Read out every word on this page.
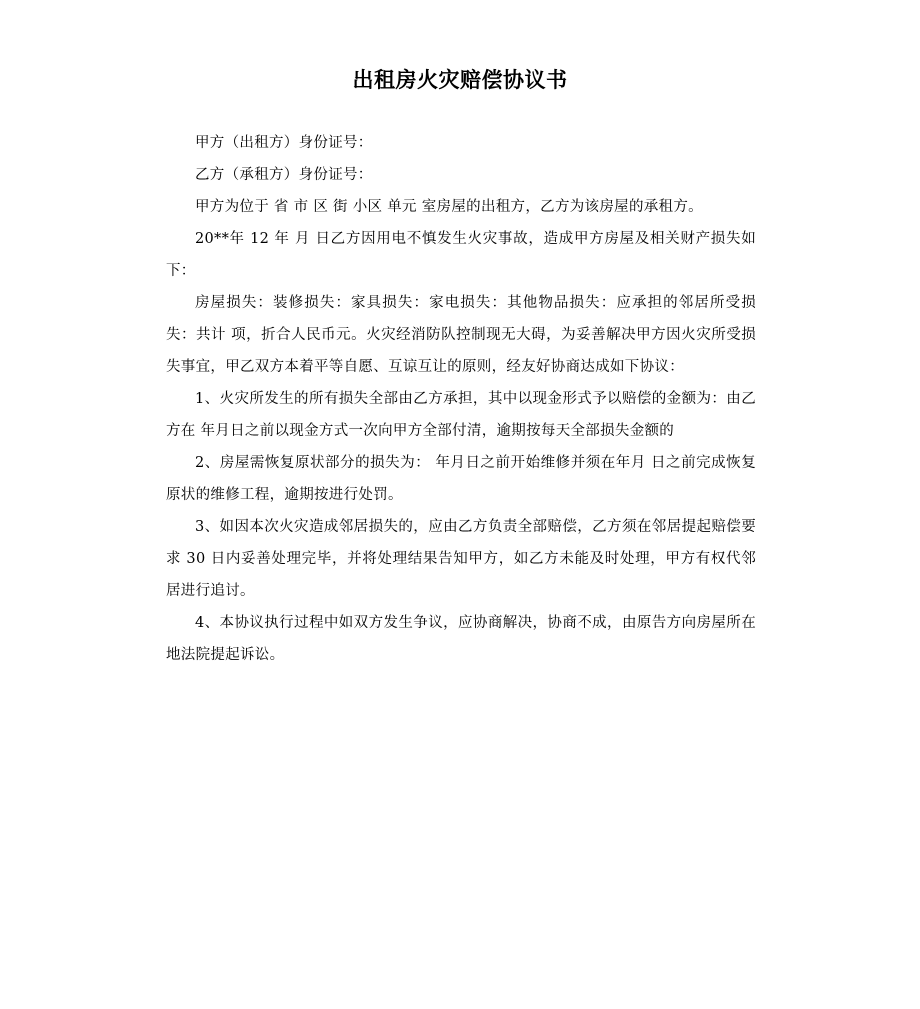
出租房火灾赔偿协议书

甲方（出租方）身份证号：

乙方（承租方）身份证号：

甲方为位于 省 市 区 街 小区 单元 室房屋的出租方，乙方为该房屋的承租方。

20**年 12 年 月 日乙方因用电不慎发生火灾事故，造成甲方房屋及相关财产损失如下：

房屋损失：装修损失：家具损失：家电损失：其他物品损失：应承担的邻居所受损失：共计 项，折合人民币元。火灾经消防队控制现无大碍，为妥善解决甲方因火灾所受损失事宜，甲乙双方本着平等自愿、互谅互让的原则，经友好协商达成如下协议：

1、火灾所发生的所有损失全部由乙方承担，其中以现金形式予以赔偿的金额为：由乙方在 年月日之前以现金方式一次向甲方全部付清，逾期按每天全部损失金额的

2、房屋需恢复原状部分的损失为： 年月日之前开始维修并须在年月 日之前完成恢复原状的维修工程，逾期按进行处罚。

3、如因本次火灾造成邻居损失的，应由乙方负责全部赔偿，乙方须在邻居提起赔偿要求 30 日内妥善处理完毕，并将处理结果告知甲方，如乙方未能及时处理，甲方有权代邻居进行追讨。

4、本协议执行过程中如双方发生争议，应协商解决，协商不成，由原告方向房屋所在地法院提起诉讼。
